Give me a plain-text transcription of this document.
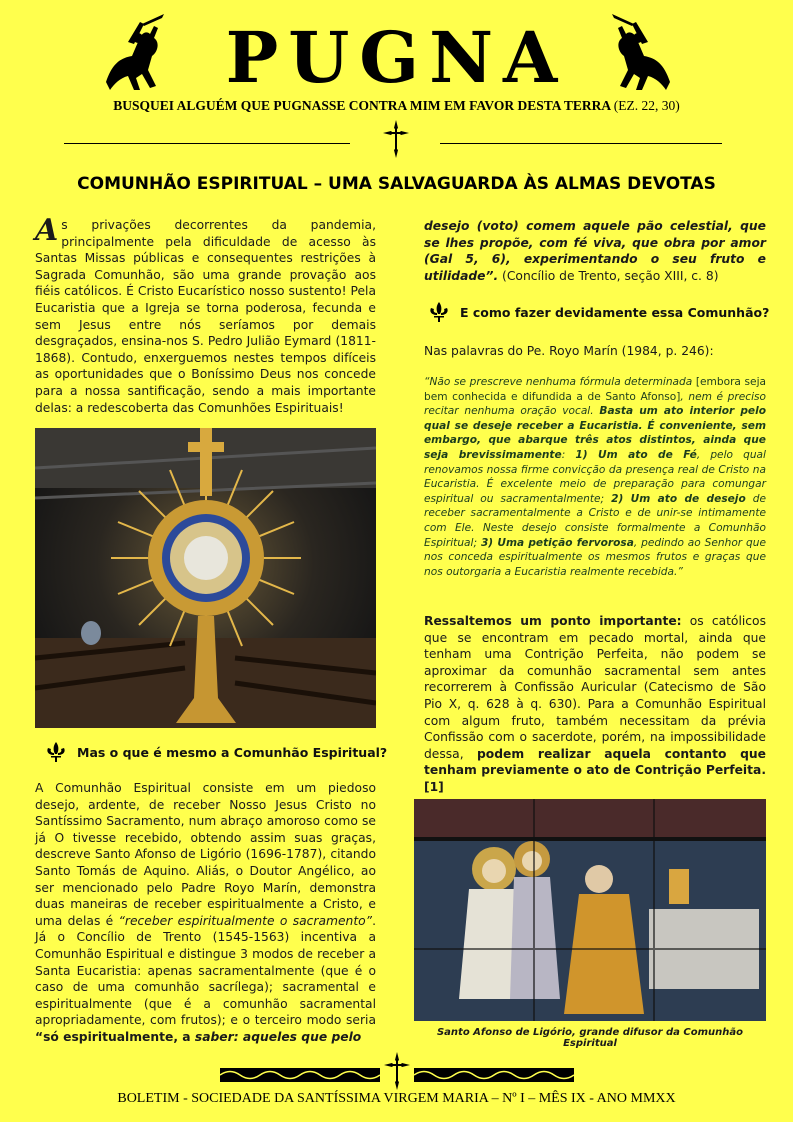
PUGNA
BUSQUEI ALGUÉM QUE PUGNASSE CONTRA MIM EM FAVOR DESTA TERRA (EZ. 22, 30)
COMUNHÃO ESPIRITUAL – UMA SALVAGUARDA ÀS ALMAS DEVOTAS
As privações decorrentes da pandemia, principalmente pela dificuldade de acesso às Santas Missas públicas e consequentes restrições à Sagrada Comunhão, são uma grande provação aos fiéis católicos. É Cristo Eucarístico nosso sustento! Pela Eucaristia que a Igreja se torna poderosa, fecunda e sem Jesus entre nós seríamos por demais desgraçados, ensina-nos S. Pedro Julião Eymard (1811-1868). Contudo, enxerguemos nestes tempos difíceis as oportunidades que o Boníssimo Deus nos concede para a nossa santificação, sendo a mais importante delas: a redescoberta das Comunhões Espirituais!
Mas o que é mesmo a Comunhão Espiritual?
A Comunhão Espiritual consiste em um piedoso desejo, ardente, de receber Nosso Jesus Cristo no Santíssimo Sacramento, num abraço amoroso como se já O tivesse recebido, obtendo assim suas graças, descreve Santo Afonso de Ligório (1696-1787), citando Santo Tomás de Aquino. Aliás, o Doutor Angélico, ao ser mencionado pelo Padre Royo Marín, demonstra duas maneiras de receber espiritualmente a Cristo, e uma delas é “receber espiritualmente o sacramento”. Já o Concílio de Trento (1545-1563) incentiva a Comunhão Espiritual e distingue 3 modos de receber a Santa Eucaristia: apenas sacramentalmente (que é o caso de uma comunhão sacrílega); sacramental e espiritualmente (que é a comunhão sacramental apropriadamente, com frutos); e o terceiro modo seria “só espiritualmente, a saber: aqueles que pelo
desejo (voto) comem aquele pão celestial, que se lhes propõe, com fé viva, que obra por amor (Gal 5, 6), experimentando o seu fruto e utilidade”. (Concílio de Trento, seção XIII, c. 8)
E como fazer devidamente essa Comunhão?
Nas palavras do Pe. Royo Marín (1984, p. 246):
“Não se prescreve nenhuma fórmula determinada [embora seja bem conhecida e difundida a de Santo Afonso], nem é preciso recitar nenhuma oração vocal. Basta um ato interior pelo qual se deseje receber a Eucaristia. É conveniente, sem embargo, que abarque três atos distintos, ainda que seja brevissimamente: 1) Um ato de Fé, pelo qual renovamos nossa firme convicção da presença real de Cristo na Eucaristia. É excelente meio de preparação para comungar espiritual ou sacramentalmente; 2) Um ato de desejo de receber sacramentalmente a Cristo e de unir-se intimamente com Ele. Neste desejo consiste formalmente a Comunhão Espiritual; 3) Uma petição fervorosa, pedindo ao Senhor que nos conceda espiritualmente os mesmos frutos e graças que nos outorgaria a Eucaristia realmente recebida.”
Ressaltemos um ponto importante: os católicos que se encontram em pecado mortal, ainda que tenham uma Contrição Perfeita, não podem se aproximar da comunhão sacramental sem antes recorrerem à Confissão Auricular (Catecismo de São Pio X, q. 628 à q. 630). Para a Comunhão Espiritual com algum fruto, também necessitam da prévia Confissão com o sacerdote, porém, na impossibilidade dessa, podem realizar aquela contanto que tenham previamente o ato de Contrição Perfeita. [1]
Santo Afonso de Ligório, grande difusor da Comunhão Espiritual
BOLETIM - SOCIEDADE DA SANTÍSSIMA VIRGEM MARIA – Nº I – MÊS IX - ANO MMXX
